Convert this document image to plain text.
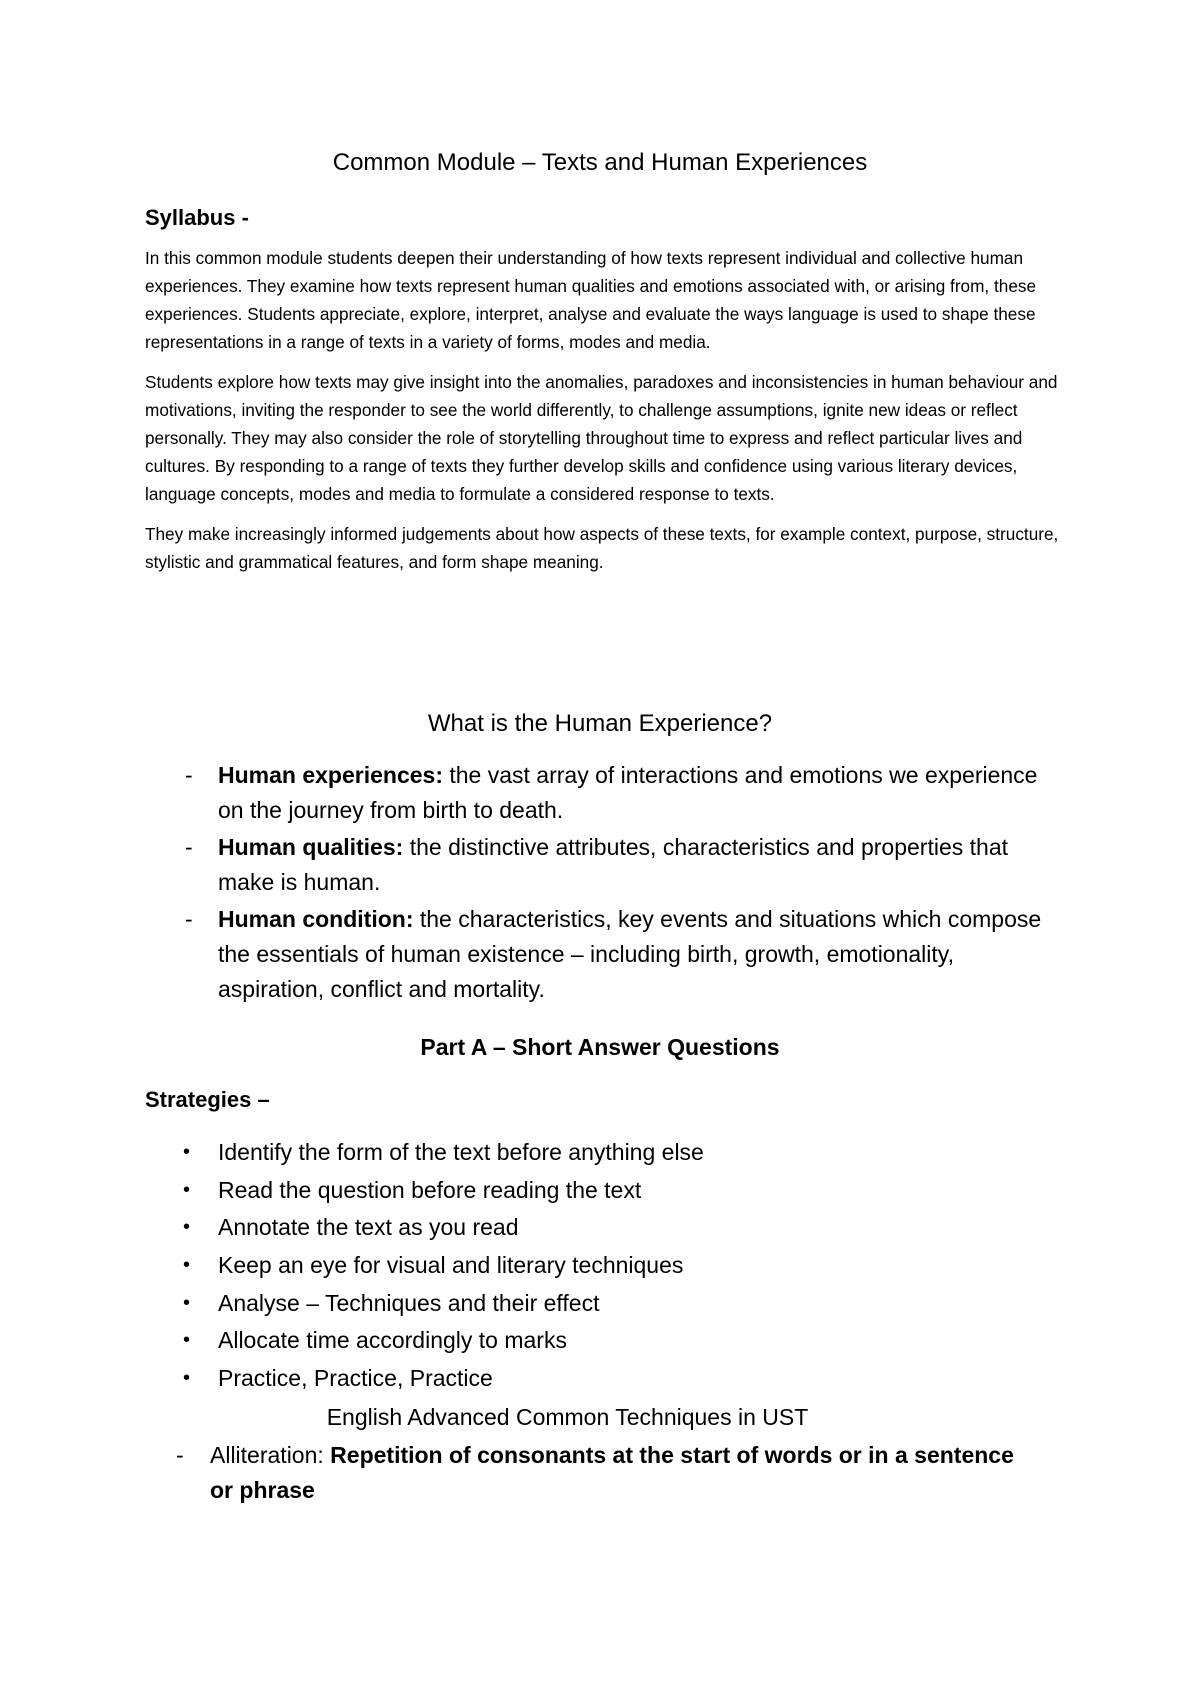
Common Module – Texts and Human Experiences
Syllabus -

In this common module students deepen their understanding of how texts represent individual and collective human experiences. They examine how texts represent human qualities and emotions associated with, or arising from, these experiences. Students appreciate, explore, interpret, analyse and evaluate the ways language is used to shape these representations in a range of texts in a variety of forms, modes and media.

Students explore how texts may give insight into the anomalies, paradoxes and inconsistencies in human behaviour and motivations, inviting the responder to see the world differently, to challenge assumptions, ignite new ideas or reflect personally. They may also consider the role of storytelling throughout time to express and reflect particular lives and cultures. By responding to a range of texts they further develop skills and confidence using various literary devices, language concepts, modes and media to formulate a considered response to texts.

They make increasingly informed judgements about how aspects of these texts, for example context, purpose, structure, stylistic and grammatical features, and form shape meaning.

What is the Human Experience?
- Human experiences: the vast array of interactions and emotions we experience on the journey from birth to death.
- Human qualities: the distinctive attributes, characteristics and properties that make is human.
- Human condition: the characteristics, key events and situations which compose the essentials of human existence – including birth, growth, emotionality, aspiration, conflict and mortality.
Part A – Short Answer Questions
Strategies –
• Identify the form of the text before anything else
• Read the question before reading the text
• Annotate the text as you read
• Keep an eye for visual and literary techniques
• Analyse – Techniques and their effect
• Allocate time accordingly to marks
• Practice, Practice, Practice
English Advanced Common Techniques in UST
- Alliteration: Repetition of consonants at the start of words or in a sentence or phrase
